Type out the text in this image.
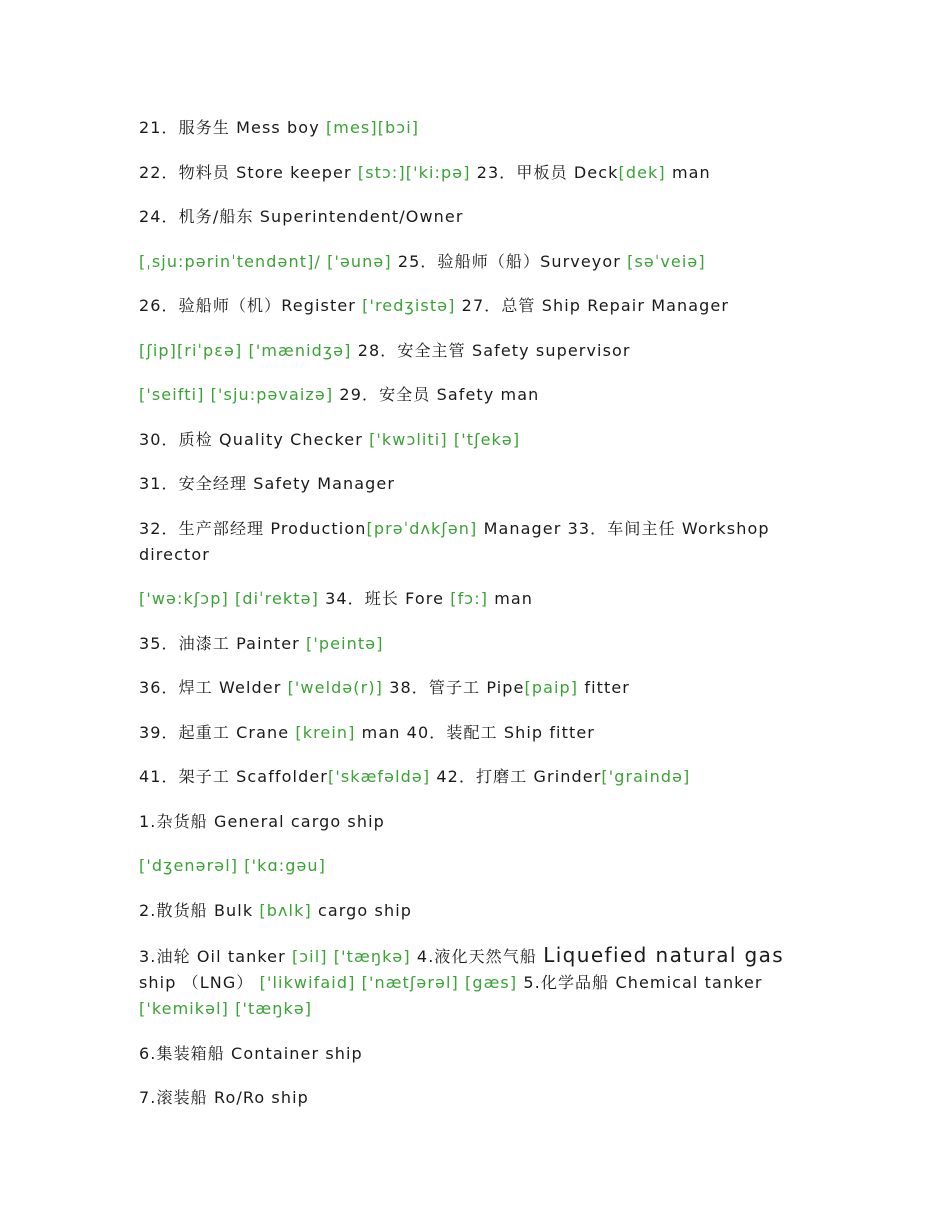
21．服务生 Mess boy [mes][bɔi]
22．物料员 Store keeper [stɔ:]['ki:pə] 23．甲板员 Deck[dek] man
24．机务/船东 Superintendent/Owner
[ˌsju:pərinˈtendənt]/ ['əunə] 25．验船师（船）Surveyor [səˈveiə]
26．验船师（机）Register ['redʒistə] 27．总管 Ship Repair Manager
[ʃip][riˈpɛə] ['mænidʒə] 28．安全主管 Safety supervisor
['seifti] ['sju:pəvaizə] 29．安全员 Safety man
30．质检 Quality Checker ['kwɔliti] ['tʃekə]
31．安全经理 Safety Manager
32．生产部经理 Production[prəˈdʌkʃən] Manager 33．车间主任 Workshop director
['wə:kʃɔp] [diˈrektə] 34．班长 Fore [fɔ:] man
35．油漆工 Painter ['peintə]
36．焊工 Welder ['weldə(r)] 38．管子工 Pipe[paip] fitter
39．起重工 Crane [krein] man 40．装配工 Ship fitter
41．架子工 Scaffolder['skæfəldə] 42．打磨工 Grinder['graində]
1.杂货船 General cargo ship
['dʒenərəl] ['kɑ:gəu]
2.散货船 Bulk [bʌlk] cargo ship
3.油轮 Oil tanker [ɔil] ['tæŋkə] 4.液化天然气船 Liquefied natural gas ship （LNG） ['likwifaid] ['nætʃərəl] [gæs] 5.化学品船 Chemical tanker ['kemikəl] ['tæŋkə]
6.集装箱船 Container ship
7.滚装船 Ro/Ro ship
